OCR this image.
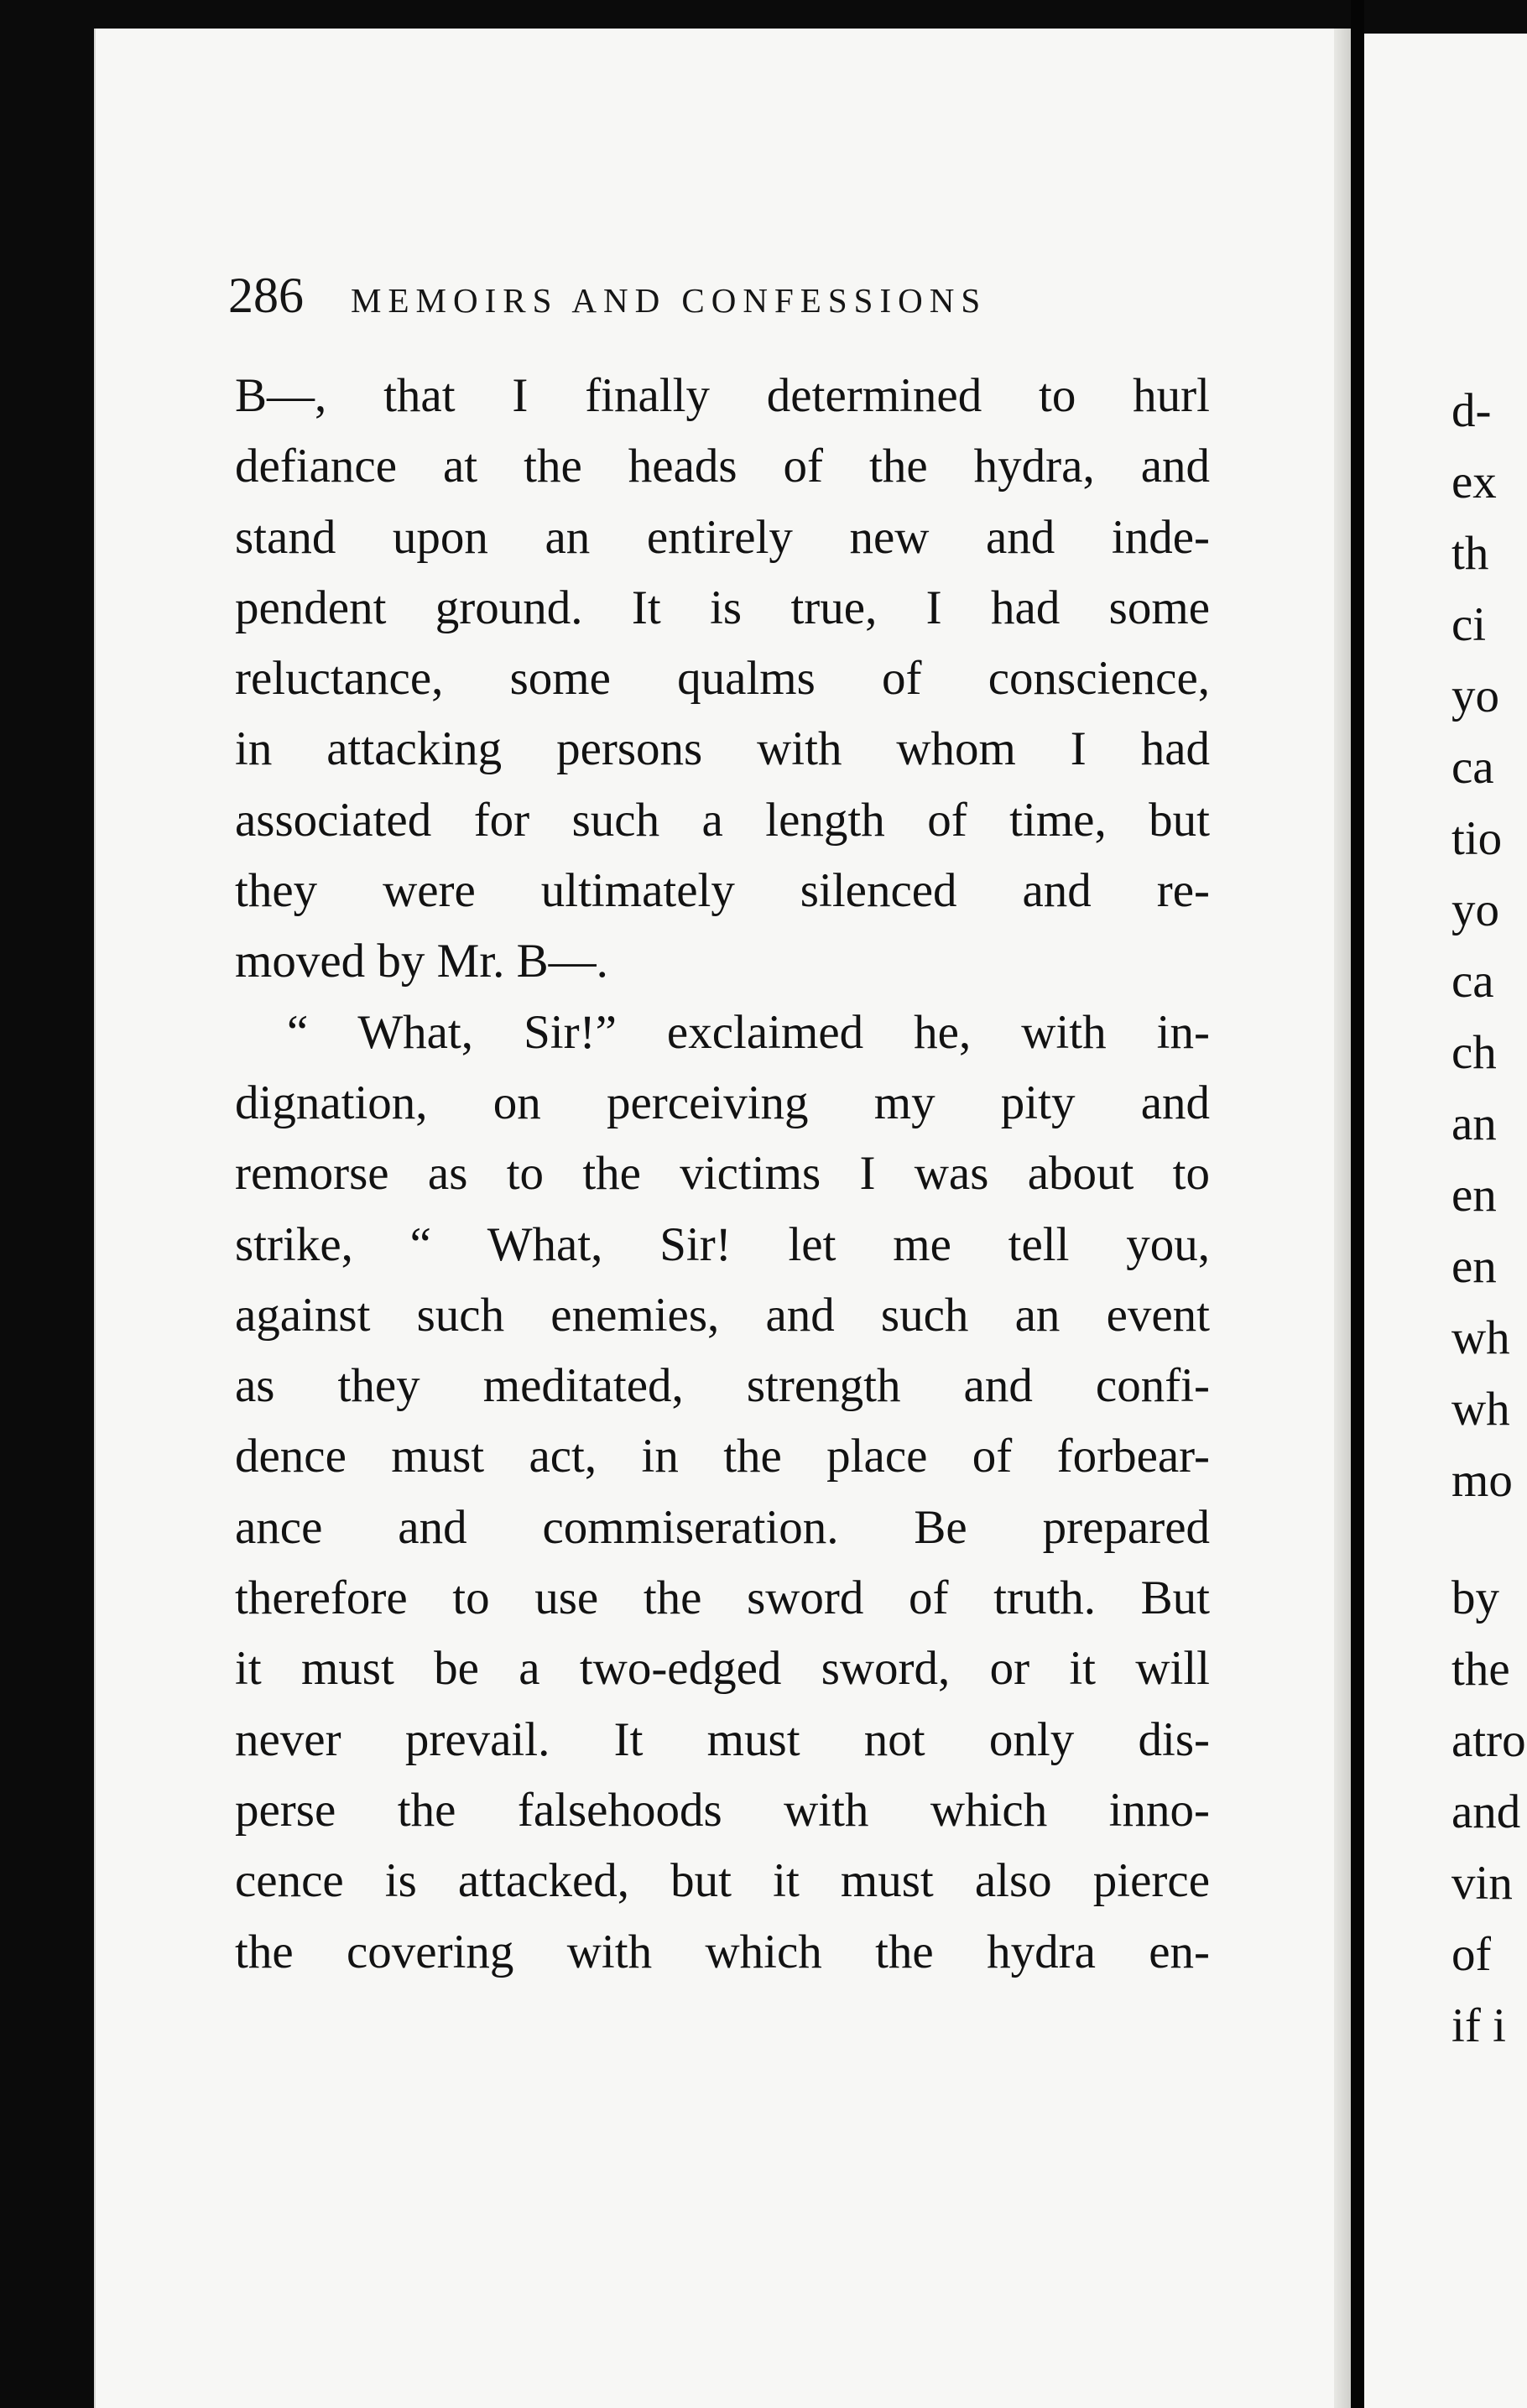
d-
ex
th
ci
yo
ca
tio
yo
ca
ch
an
en
en
wh
wh
mo
by
the
atro
and
vin
of
if i
286 MEMOIRS AND CONFESSIONS
B—, that I finally determined to hurl
defiance at the heads of the hydra, and
stand upon an entirely new and inde-
pendent ground. It is true, I had some
reluctance, some qualms of conscience,
in attacking persons with whom I had
associated for such a length of time, but
they were ultimately silenced and re-
moved by Mr. B—.
“ What, Sir!” exclaimed he, with in-
dignation, on perceiving my pity and
remorse as to the victims I was about to
strike, “ What, Sir! let me tell you,
against such enemies, and such an event
as they meditated, strength and confi-
dence must act, in the place of forbear-
ance and commiseration. Be prepared
therefore to use the sword of truth. But
it must be a two-edged sword, or it will
never prevail. It must not only dis-
perse the falsehoods with which inno-
cence is attacked, but it must also pierce
the covering with which the hydra en-
